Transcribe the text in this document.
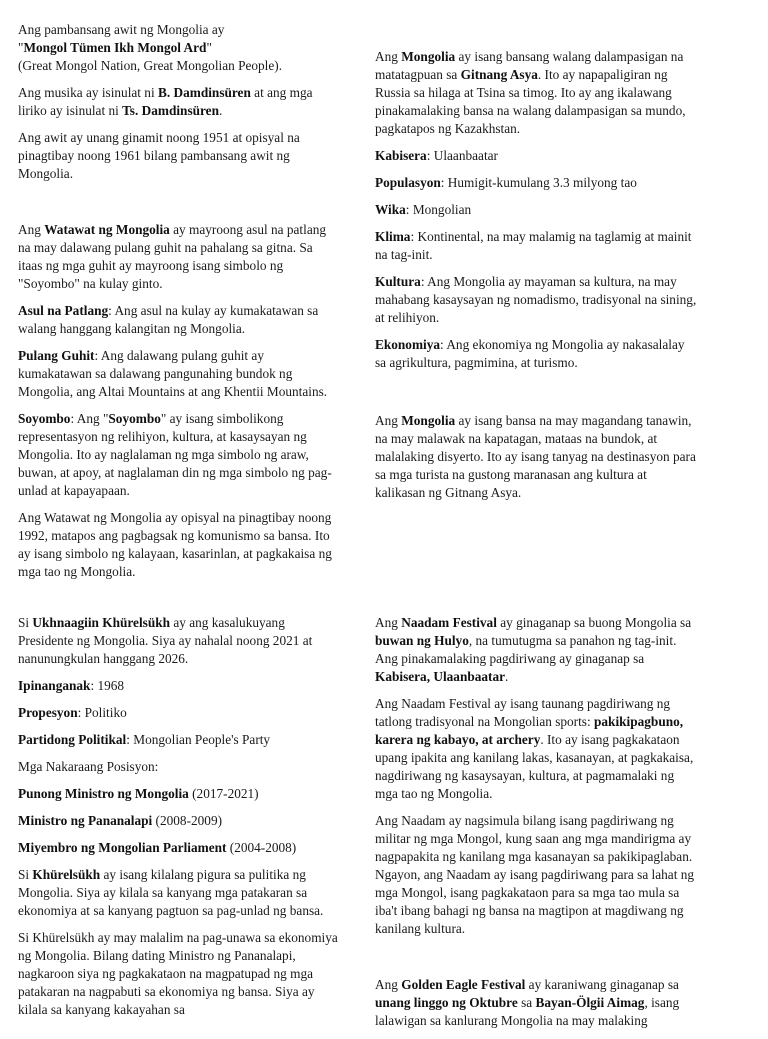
Ang pambansang awit ng Mongolia ay
"Mongol Tümen Ikh Mongol Ard"
(Great Mongol Nation, Great Mongolian People).

Ang musika ay isinulat ni B. Damdinsüren at ang mga liriko ay isinulat ni Ts. Damdinsüren.

Ang awit ay unang ginamit noong 1951 at opisyal na pinagtibay noong 1961 bilang pambansang awit ng Mongolia.

Ang Watawat ng Mongolia ay mayroong asul na patlang na may dalawang pulang guhit na pahalang sa gitna. Sa itaas ng mga guhit ay mayroong isang simbolo ng "Soyombo" na kulay ginto.

Asul na Patlang: Ang asul na kulay ay kumakatawan sa walang hanggang kalangitan ng Mongolia.

Pulang Guhit: Ang dalawang pulang guhit ay kumakatawan sa dalawang pangunahing bundok ng Mongolia, ang Altai Mountains at ang Khentii Mountains.

Soyombo: Ang "Soyombo" ay isang simbolikong representasyon ng relihiyon, kultura, at kasaysayan ng Mongolia. Ito ay naglalaman ng mga simbolo ng araw, buwan, at apoy, at naglalaman din ng mga simbolo ng pag-unlad at kapayapaan.

Ang Watawat ng Mongolia ay opisyal na pinagtibay noong 1992, matapos ang pagbagsak ng komunismo sa bansa. Ito ay isang simbolo ng kalayaan, kasarinlan, at pagkakaisa ng mga tao ng Mongolia.

Si Ukhnaagiin Khürelsükh ay ang kasalukuyang Presidente ng Mongolia. Siya ay nahalal noong 2021 at nanunungkulan hanggang 2026.

Ipinanganak: 1968

Propesyon: Politiko

Partidong Politikal: Mongolian People's Party

Mga Nakaraang Posisyon:

Punong Ministro ng Mongolia (2017-2021)

Ministro ng Pananalapi (2008-2009)

Miyembro ng Mongolian Parliament (2004-2008)

Si Khürelsükh ay isang kilalang pigura sa pulitika ng Mongolia. Siya ay kilala sa kanyang mga patakaran sa ekonomiya at sa kanyang pagtuon sa pag-unlad ng bansa.

Si Khürelsükh ay may malalim na pag-unawa sa ekonomiya ng Mongolia. Bilang dating Ministro ng Pananalapi, nagkaroon siya ng pagkakataon na magpatupad ng mga patakaran na nagpabuti sa ekonomiya ng bansa. Siya ay kilala sa kanyang kakayahan sa

Ang Mongolia ay isang bansang walang dalampasigan na matatagpuan sa Gitnang Asya. Ito ay napapaligiran ng Russia sa hilaga at Tsina sa timog. Ito ay ang ikalawang pinakamalaking bansa na walang dalampasigan sa mundo, pagkatapos ng Kazakhstan.

Kabisera: Ulaanbaatar

Populasyon: Humigit-kumulang 3.3 milyong tao

Wika: Mongolian

Klima: Kontinental, na may malamig na taglamig at mainit na tag-init.

Kultura: Ang Mongolia ay mayaman sa kultura, na may mahabang kasaysayan ng nomadismo, tradisyonal na sining, at relihiyon.

Ekonomiya: Ang ekonomiya ng Mongolia ay nakasalalay sa agrikultura, pagmimina, at turismo.

Ang Mongolia ay isang bansa na may magandang tanawin, na may malawak na kapatagan, mataas na bundok, at malalaking disyerto. Ito ay isang tanyag na destinasyon para sa mga turista na gustong maranasan ang kultura at kalikasan ng Gitnang Asya.

Ang Naadam Festival ay ginaganap sa buong Mongolia sa buwan ng Hulyo, na tumutugma sa panahon ng tag-init. Ang pinakamalaking pagdiriwang ay ginaganap sa Kabisera, Ulaanbaatar.

Ang Naadam Festival ay isang taunang pagdiriwang ng tatlong tradisyonal na Mongolian sports: pakikipagbuno, karera ng kabayo, at archery. Ito ay isang pagkakataon upang ipakita ang kanilang lakas, kasanayan, at pagkakaisa, nagdiriwang ng kasaysayan, kultura, at pagmamalaki ng mga tao ng Mongolia.

Ang Naadam ay nagsimula bilang isang pagdiriwang ng militar ng mga Mongol, kung saan ang mga mandirigma ay nagpapakita ng kanilang mga kasanayan sa pakikipaglaban. Ngayon, ang Naadam ay isang pagdiriwang para sa lahat ng mga Mongol, isang pagkakataon para sa mga tao mula sa iba't ibang bahagi ng bansa na magtipon at magdiwang ng kanilang kultura.

Ang Golden Eagle Festival ay karaniwang ginaganap sa unang linggo ng Oktubre sa Bayan-Ölgii Aimag, isang lalawigan sa kanlurang Mongolia na may malaking
